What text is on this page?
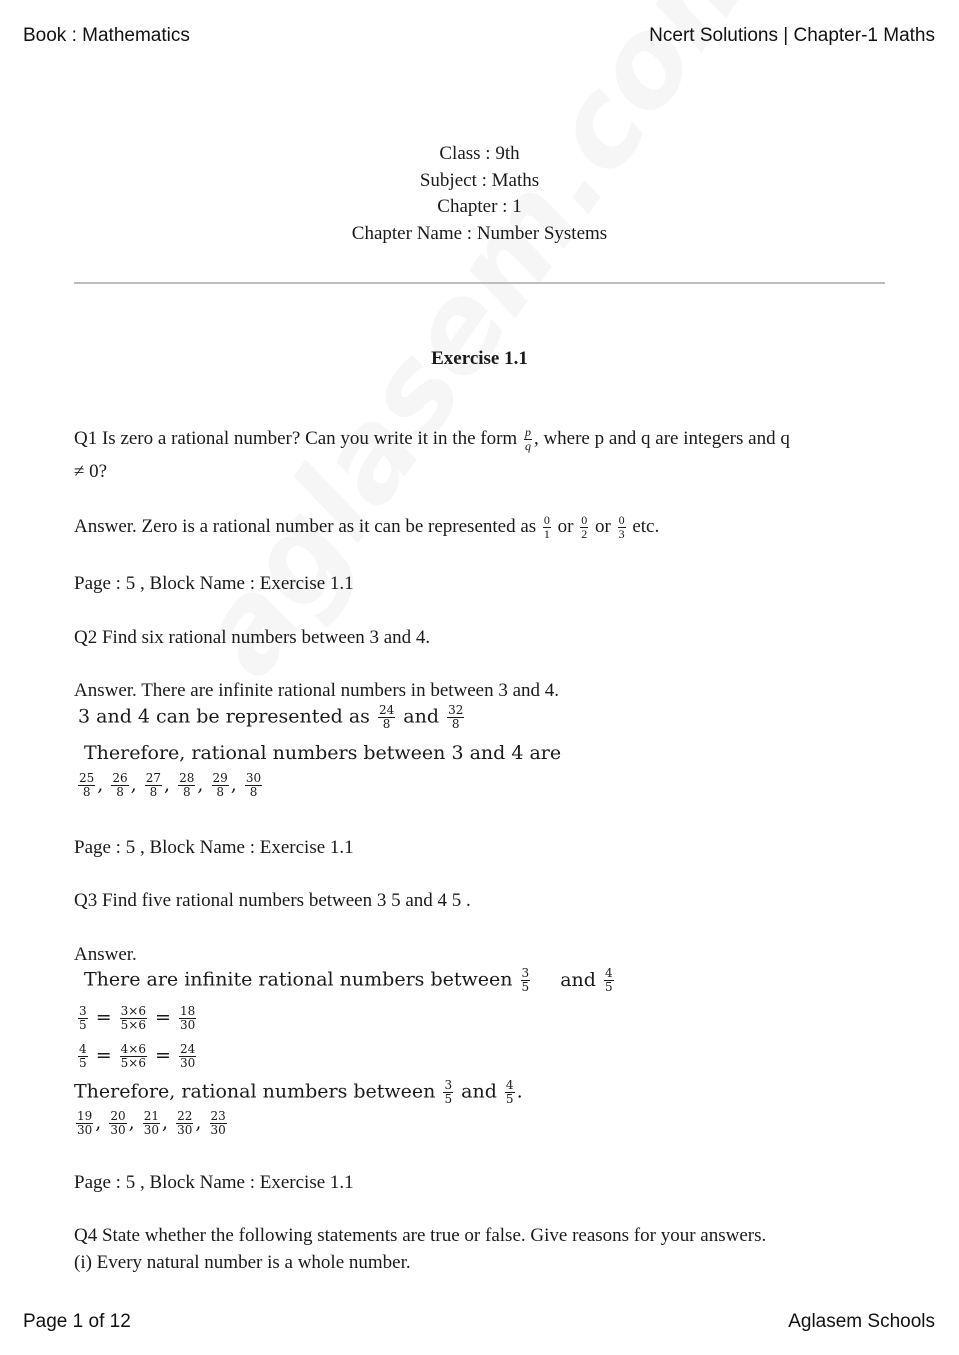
Book : Mathematics	Ncert Solutions | Chapter-1 Maths
Class : 9th
Subject : Maths
Chapter : 1
Chapter Name : Number Systems
Exercise 1.1
Q1 Is zero a rational number? Can you write it in the form $\frac{p}{q}$ , where p and q are integers and q
≠ 0?
Answer. Zero is a rational number as it can be represented as $\frac{0}{1}$ or $\frac{0}{2}$ or $\frac{0}{3}$ etc.
Page : 5 , Block Name : Exercise 1.1
Q2 Find six rational numbers between 3 and 4.
Answer. There are infinite rational numbers in between 3 and 4.
3 and 4 can be represented as $\frac{24}{8}$ and $\frac{32}{8}$
Therefore, rational numbers between 3 and 4 are
$\frac{25}{8}$ , $\frac{26}{8}$ , $\frac{27}{8}$ , $\frac{28}{8}$ , $\frac{29}{8}$ , $\frac{30}{8}$
Page : 5 , Block Name : Exercise 1.1
Q3 Find five rational numbers between 3 5 and 4 5 .
Answer.
There are infinite rational numbers between $\frac{3}{5}$ and $\frac{4}{5}$
$\frac{3}{5} = \frac{3\times 6}{5\times 6} = \frac{18}{30}$
$\frac{4}{5} = \frac{4\times 6}{5\times 6} = \frac{24}{30}$
Therefore, rational numbers between $\frac{3}{5}$ and $\frac{4}{5}$ .
$\frac{19}{30}$ , $\frac{20}{30}$ , $\frac{21}{30}$ , $\frac{22}{30}$ , $\frac{23}{30}$
Page : 5 , Block Name : Exercise 1.1
Q4 State whether the following statements are true or false. Give reasons for your answers.
(i) Every natural number is a whole number.
Page 1 of 12	Aglasem Schools
